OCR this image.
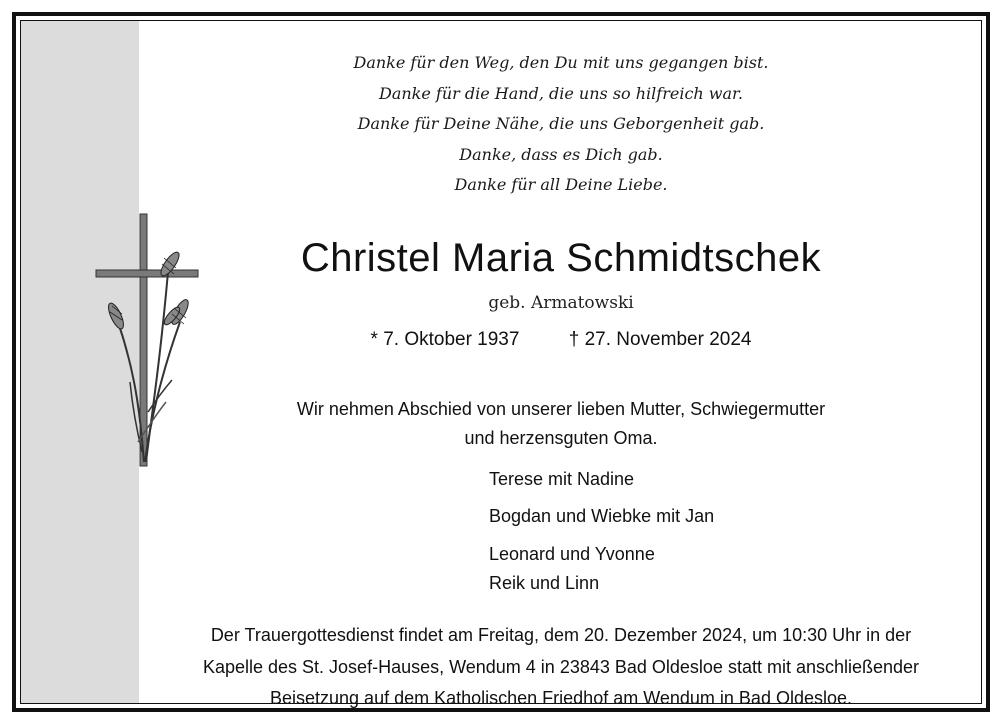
Danke für den Weg, den Du mit uns gegangen bist.
Danke für die Hand, die uns so hilfreich war.
Danke für Deine Nähe, die uns Geborgenheit gab.
Danke, dass es Dich gab.
Danke für all Deine Liebe.
Christel Maria Schmidtschek
geb. Armatowski
* 7. Oktober 1937	† 27. November 2024
Wir nehmen Abschied von unserer lieben Mutter, Schwiegermutter
und herzensguten Oma.
Terese mit Nadine
Bogdan und Wiebke mit Jan
Leonard und Yvonne
Reik und Linn
Der Trauergottesdienst findet am Freitag, dem 20. Dezember 2024, um 10:30 Uhr in der
Kapelle des St. Josef-Hauses, Wendum 4 in 23843 Bad Oldesloe statt mit anschließender
Beisetzung auf dem Katholischen Friedhof am Wendum in Bad Oldesloe.
